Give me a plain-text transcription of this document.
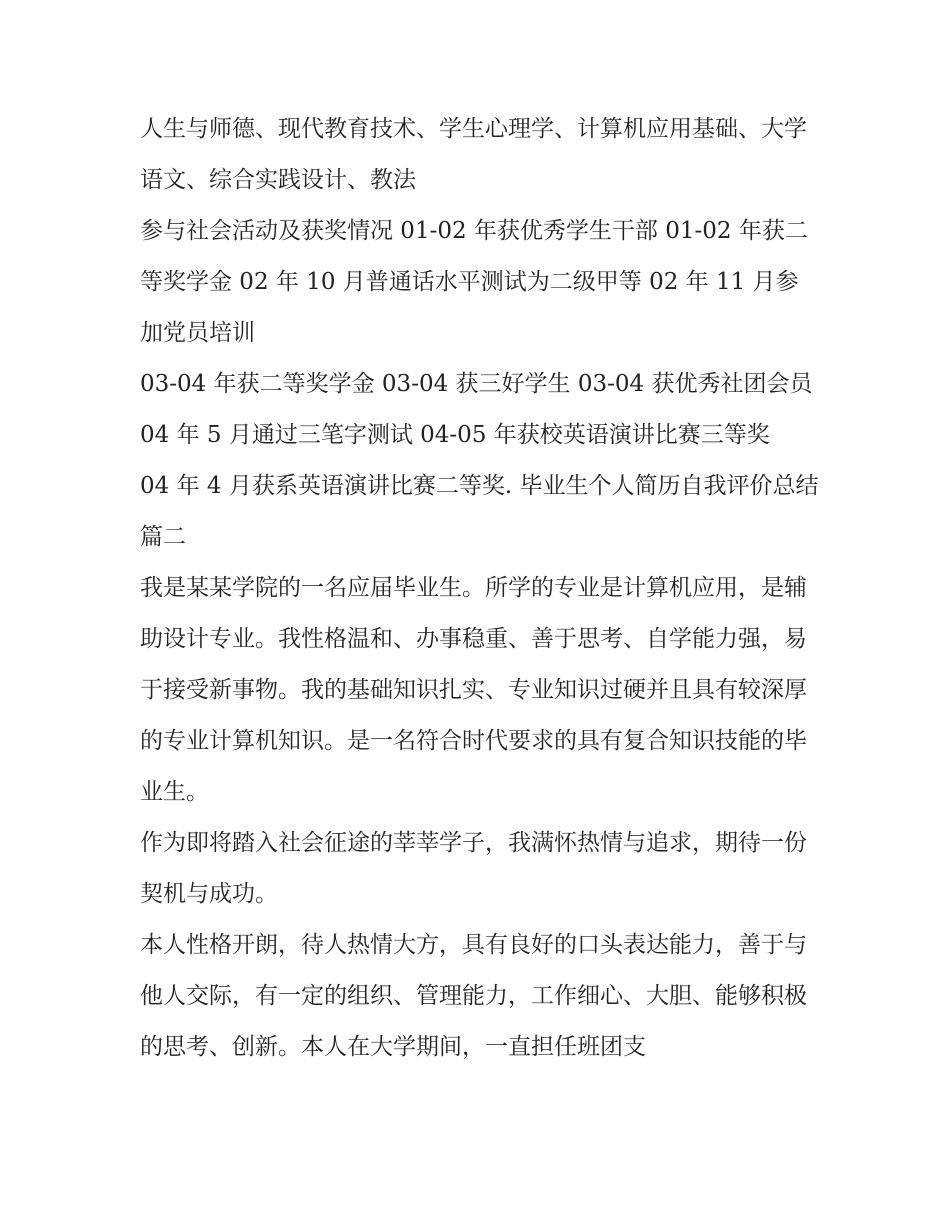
人生与师德、现代教育技术、学生心理学、计算机应用基础、大学语文、综合实践设计、教法

参与社会活动及获奖情况 01-02 年获优秀学生干部 01-02 年获二等奖学金 02 年 10 月普通话水平测试为二级甲等 02 年 11 月参加党员培训

03-04 年获二等奖学金 03-04 获三好学生 03-04 获优秀社团会员 04 年 5 月通过三笔字测试 04-05 年获校英语演讲比赛三等奖

04 年 4 月获系英语演讲比赛二等奖. 毕业生个人简历自我评价总结篇二

我是某某学院的一名应届毕业生。所学的专业是计算机应用，是辅助设计专业。我性格温和、办事稳重、善于思考、自学能力强，易于接受新事物。我的基础知识扎实、专业知识过硬并且具有较深厚的专业计算机知识。是一名符合时代要求的具有复合知识技能的毕业生。

作为即将踏入社会征途的莘莘学子，我满怀热情与追求，期待一份契机与成功。

本人性格开朗，待人热情大方，具有良好的口头表达能力，善于与他人交际，有一定的组织、管理能力，工作细心、大胆、能够积极的思考、创新。本人在大学期间，一直担任班团支
